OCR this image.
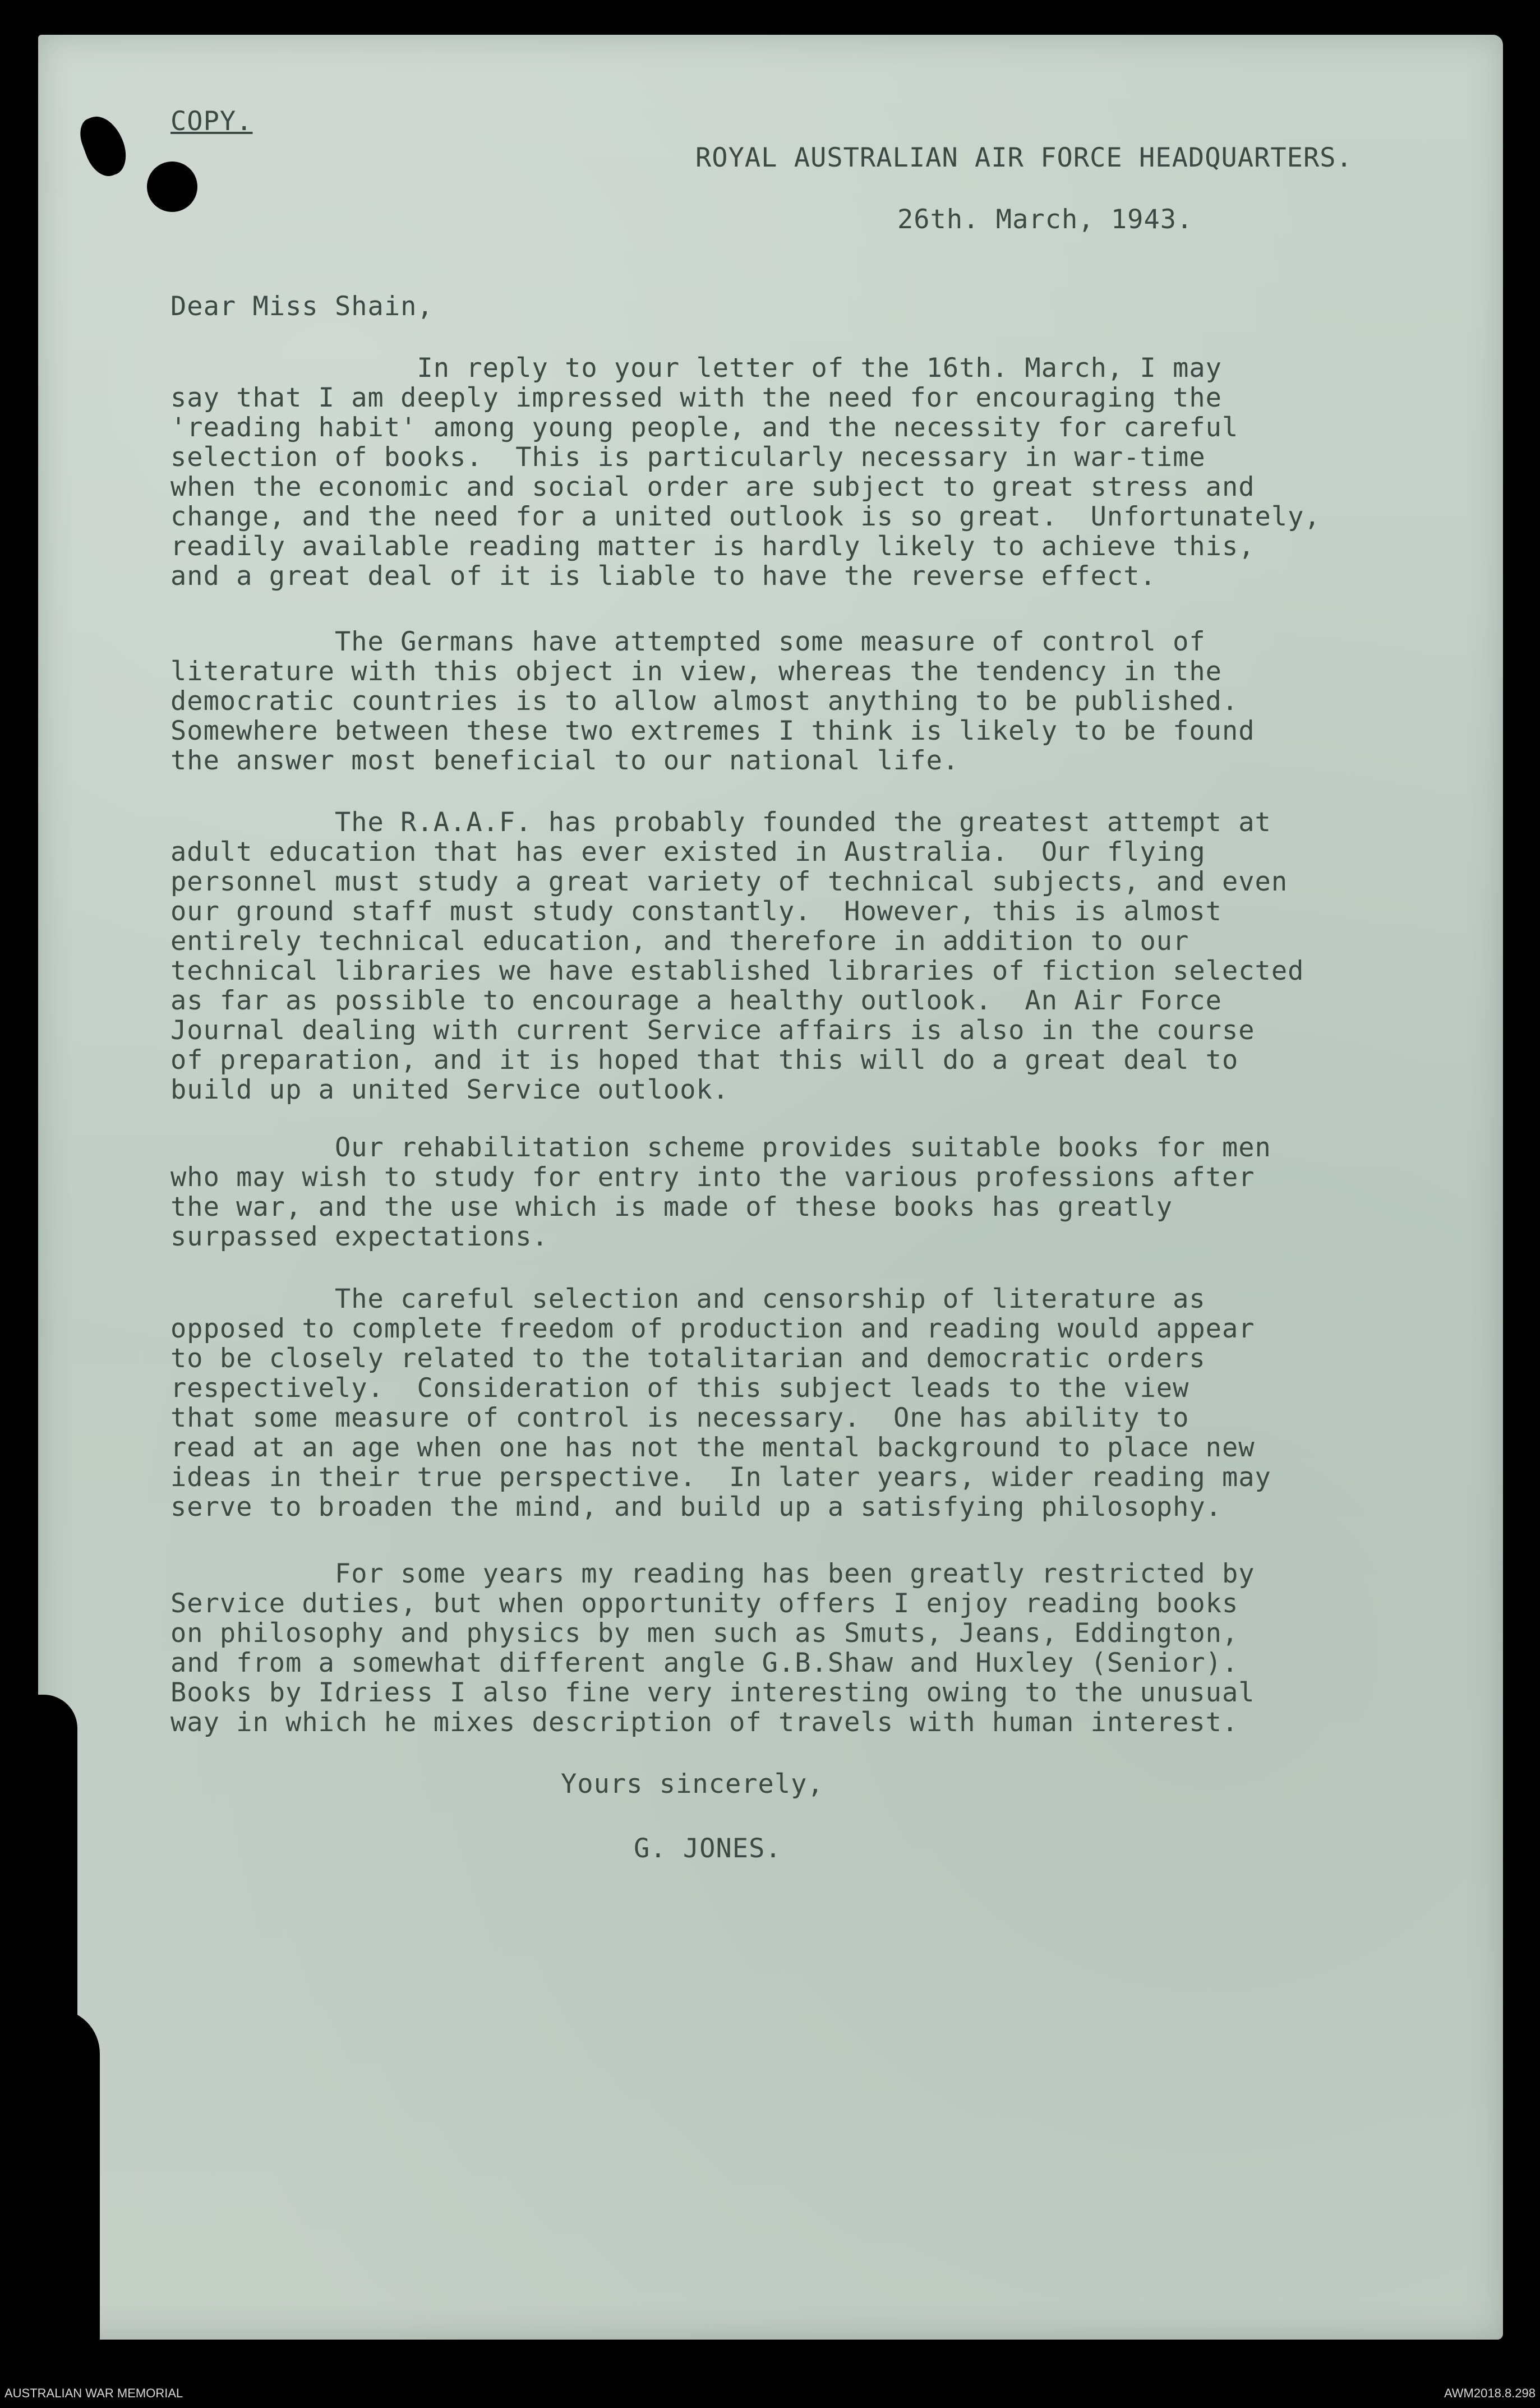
COPY.
ROYAL AUSTRALIAN AIR FORCE HEADQUARTERS.
26th. March, 1943.
Dear Miss Shain,
In reply to your letter of the 16th. March, I may
say that I am deeply impressed with the need for encouraging the
'reading habit' among young people, and the necessity for careful
selection of books.  This is particularly necessary in war-time
when the economic and social order are subject to great stress and
change, and the need for a united outlook is so great.  Unfortunately,
readily available reading matter is hardly likely to achieve this,
and a great deal of it is liable to have the reverse effect.
The Germans have attempted some measure of control of
literature with this object in view, whereas the tendency in the
democratic countries is to allow almost anything to be published.
Somewhere between these two extremes I think is likely to be found
the answer most beneficial to our national life.
The R.A.A.F. has probably founded the greatest attempt at
adult education that has ever existed in Australia.  Our flying
personnel must study a great variety of technical subjects, and even
our ground staff must study constantly.  However, this is almost
entirely technical education, and therefore in addition to our
technical libraries we have established libraries of fiction selected
as far as possible to encourage a healthy outlook.  An Air Force
Journal dealing with current Service affairs is also in the course
of preparation, and it is hoped that this will do a great deal to
build up a united Service outlook.
Our rehabilitation scheme provides suitable books for men
who may wish to study for entry into the various professions after
the war, and the use which is made of these books has greatly
surpassed expectations.
The careful selection and censorship of literature as
opposed to complete freedom of production and reading would appear
to be closely related to the totalitarian and democratic orders
respectively.  Consideration of this subject leads to the view
that some measure of control is necessary.  One has ability to
read at an age when one has not the mental background to place new
ideas in their true perspective.  In later years, wider reading may
serve to broaden the mind, and build up a satisfying philosophy.
For some years my reading has been greatly restricted by
Service duties, but when opportunity offers I enjoy reading books
on philosophy and physics by men such as Smuts, Jeans, Eddington,
and from a somewhat different angle G.B.Shaw and Huxley (Senior).
Books by Idriess I also fine very interesting owing to the unusual
way in which he mixes description of travels with human interest.
Yours sincerely,
G. JONES.
AUSTRALIAN WAR MEMORIAL	AWM2018.8.298
